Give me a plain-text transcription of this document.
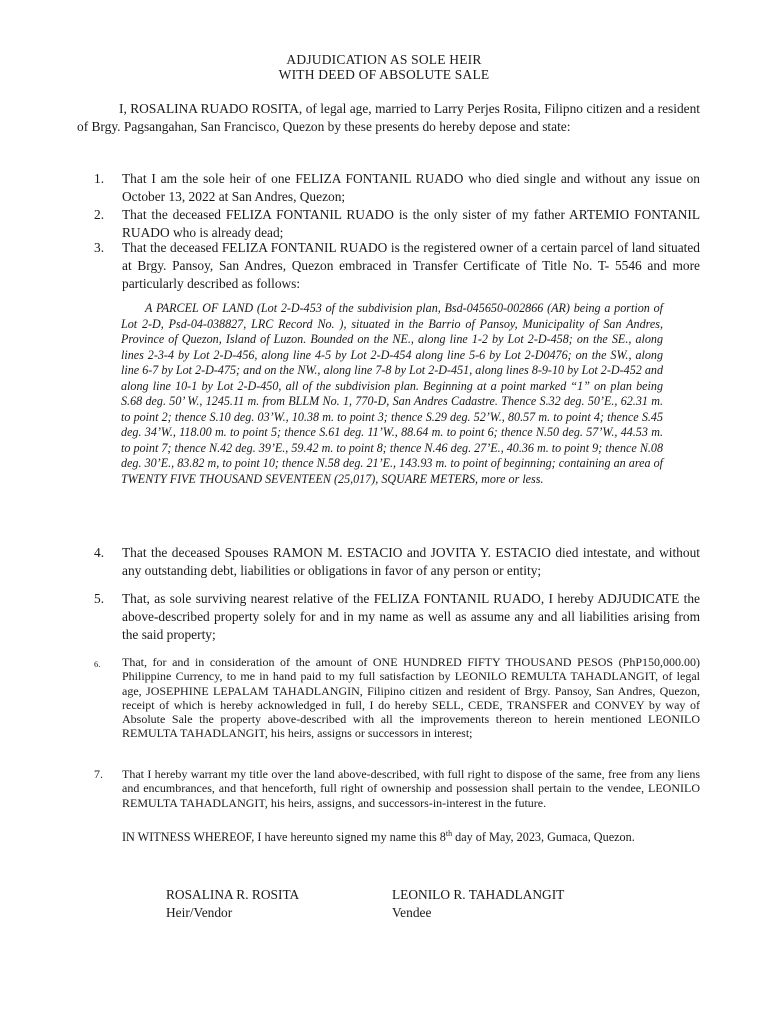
ADJUDICATION AS SOLE HEIR
WITH DEED OF ABSOLUTE SALE
I, ROSALINA RUADO ROSITA, of legal age, married to Larry Perjes Rosita, Filipno citizen and a resident of Brgy. Pagsangahan, San Francisco, Quezon by these presents do hereby depose and state:
1.	That I am the sole heir of one FELIZA FONTANIL RUADO who died single and without any issue on October 13, 2022 at San Andres, Quezon;
2.	That the deceased FELIZA FONTANIL RUADO is the only sister of my father ARTEMIO FONTANIL RUADO who is already dead;
3.	That the deceased FELIZA FONTANIL RUADO is the registered owner of a certain parcel of land situated at Brgy. Pansoy, San Andres, Quezon embraced in Transfer Certificate of Title No. T- 5546 and more particularly described as follows:
A PARCEL OF LAND (Lot 2-D-453 of the subdivision plan, Bsd-045650-002866 (AR) being a portion of Lot 2-D, Psd-04-038827, LRC Record No. ), situated in the Barrio of Pansoy, Municipality of San Andres, Province of Quezon, Island of Luzon. Bounded on the NE., along line 1-2 by Lot 2-D-458; on the SE., along lines 2-3-4 by Lot 2-D-456, along line 4-5 by Lot 2-D-454 along line 5-6 by Lot 2-D0476; on the SW., along line 6-7 by Lot 2-D-475; and on the NW., along line 7-8 by Lot 2-D-451, along lines 8-9-10 by Lot 2-D-452 and along line 10-1 by Lot 2-D-450, all of the subdivision plan. Beginning at a point marked “1” on plan being S.68 deg. 50’ W., 1245.11 m. from BLLM No. 1, 770-D, San Andres Cadastre. Thence S.32 deg. 50’E., 62.31 m. to point 2; thence S.10 deg. 03’W., 10.38 m. to point 3; thence S.29 deg. 52’W., 80.57 m. to point 4; thence S.45 deg. 34’W., 118.00 m. to point 5; thence S.61 deg. 11’W., 88.64 m. to point 6; thence N.50 deg. 57’W., 44.53 m. to point 7; thence N.42 deg. 39’E., 59.42 m. to point 8; thence N.46 deg. 27’E., 40.36 m. to point 9; thence N.08 deg. 30’E., 83.82 m, to point 10; thence N.58 deg. 21’E., 143.93 m. to point of beginning; containing an area of TWENTY FIVE THOUSAND SEVENTEEN (25,017), SQUARE METERS, more or less.
4.	That the deceased Spouses RAMON M. ESTACIO and JOVITA Y. ESTACIO died intestate, and without any outstanding debt, liabilities or obligations in favor of any person or entity;
5.	That, as sole surviving nearest relative of the FELIZA FONTANIL RUADO, I hereby ADJUDICATE the above-described property solely for and in my name as well as assume any and all liabilities arising from the said property;
6.	That, for and in consideration of the amount of ONE HUNDRED FIFTY THOUSAND PESOS (PhP150,000.00) Philippine Currency, to me in hand paid to my full satisfaction by LEONILO REMULTA TAHADLANGIT, of legal age, JOSEPHINE LEPALAM TAHADLANGIN, Filipino citizen and resident of Brgy. Pansoy, San Andres, Quezon, receipt of which is hereby acknowledged in full, I do hereby SELL, CEDE, TRANSFER and CONVEY by way of Absolute Sale the property above-described with all the improvements thereon to herein mentioned LEONILO REMULTA TAHADLANGIT, his heirs, assigns or successors in interest;
7.	That I hereby warrant my title over the land above-described, with full right to dispose of the same, free from any liens and encumbrances, and that henceforth, full right of ownership and possession shall pertain to the vendee, LEONILO REMULTA TAHADLANGIT, his heirs, assigns, and successors-in-interest in the future.
IN WITNESS WHEREOF, I have hereunto signed my name this 8th day of May, 2023, Gumaca, Quezon.
ROSALINA R. ROSITA
Heir/Vendor
LEONILO R. TAHADLANGIT
Vendee
